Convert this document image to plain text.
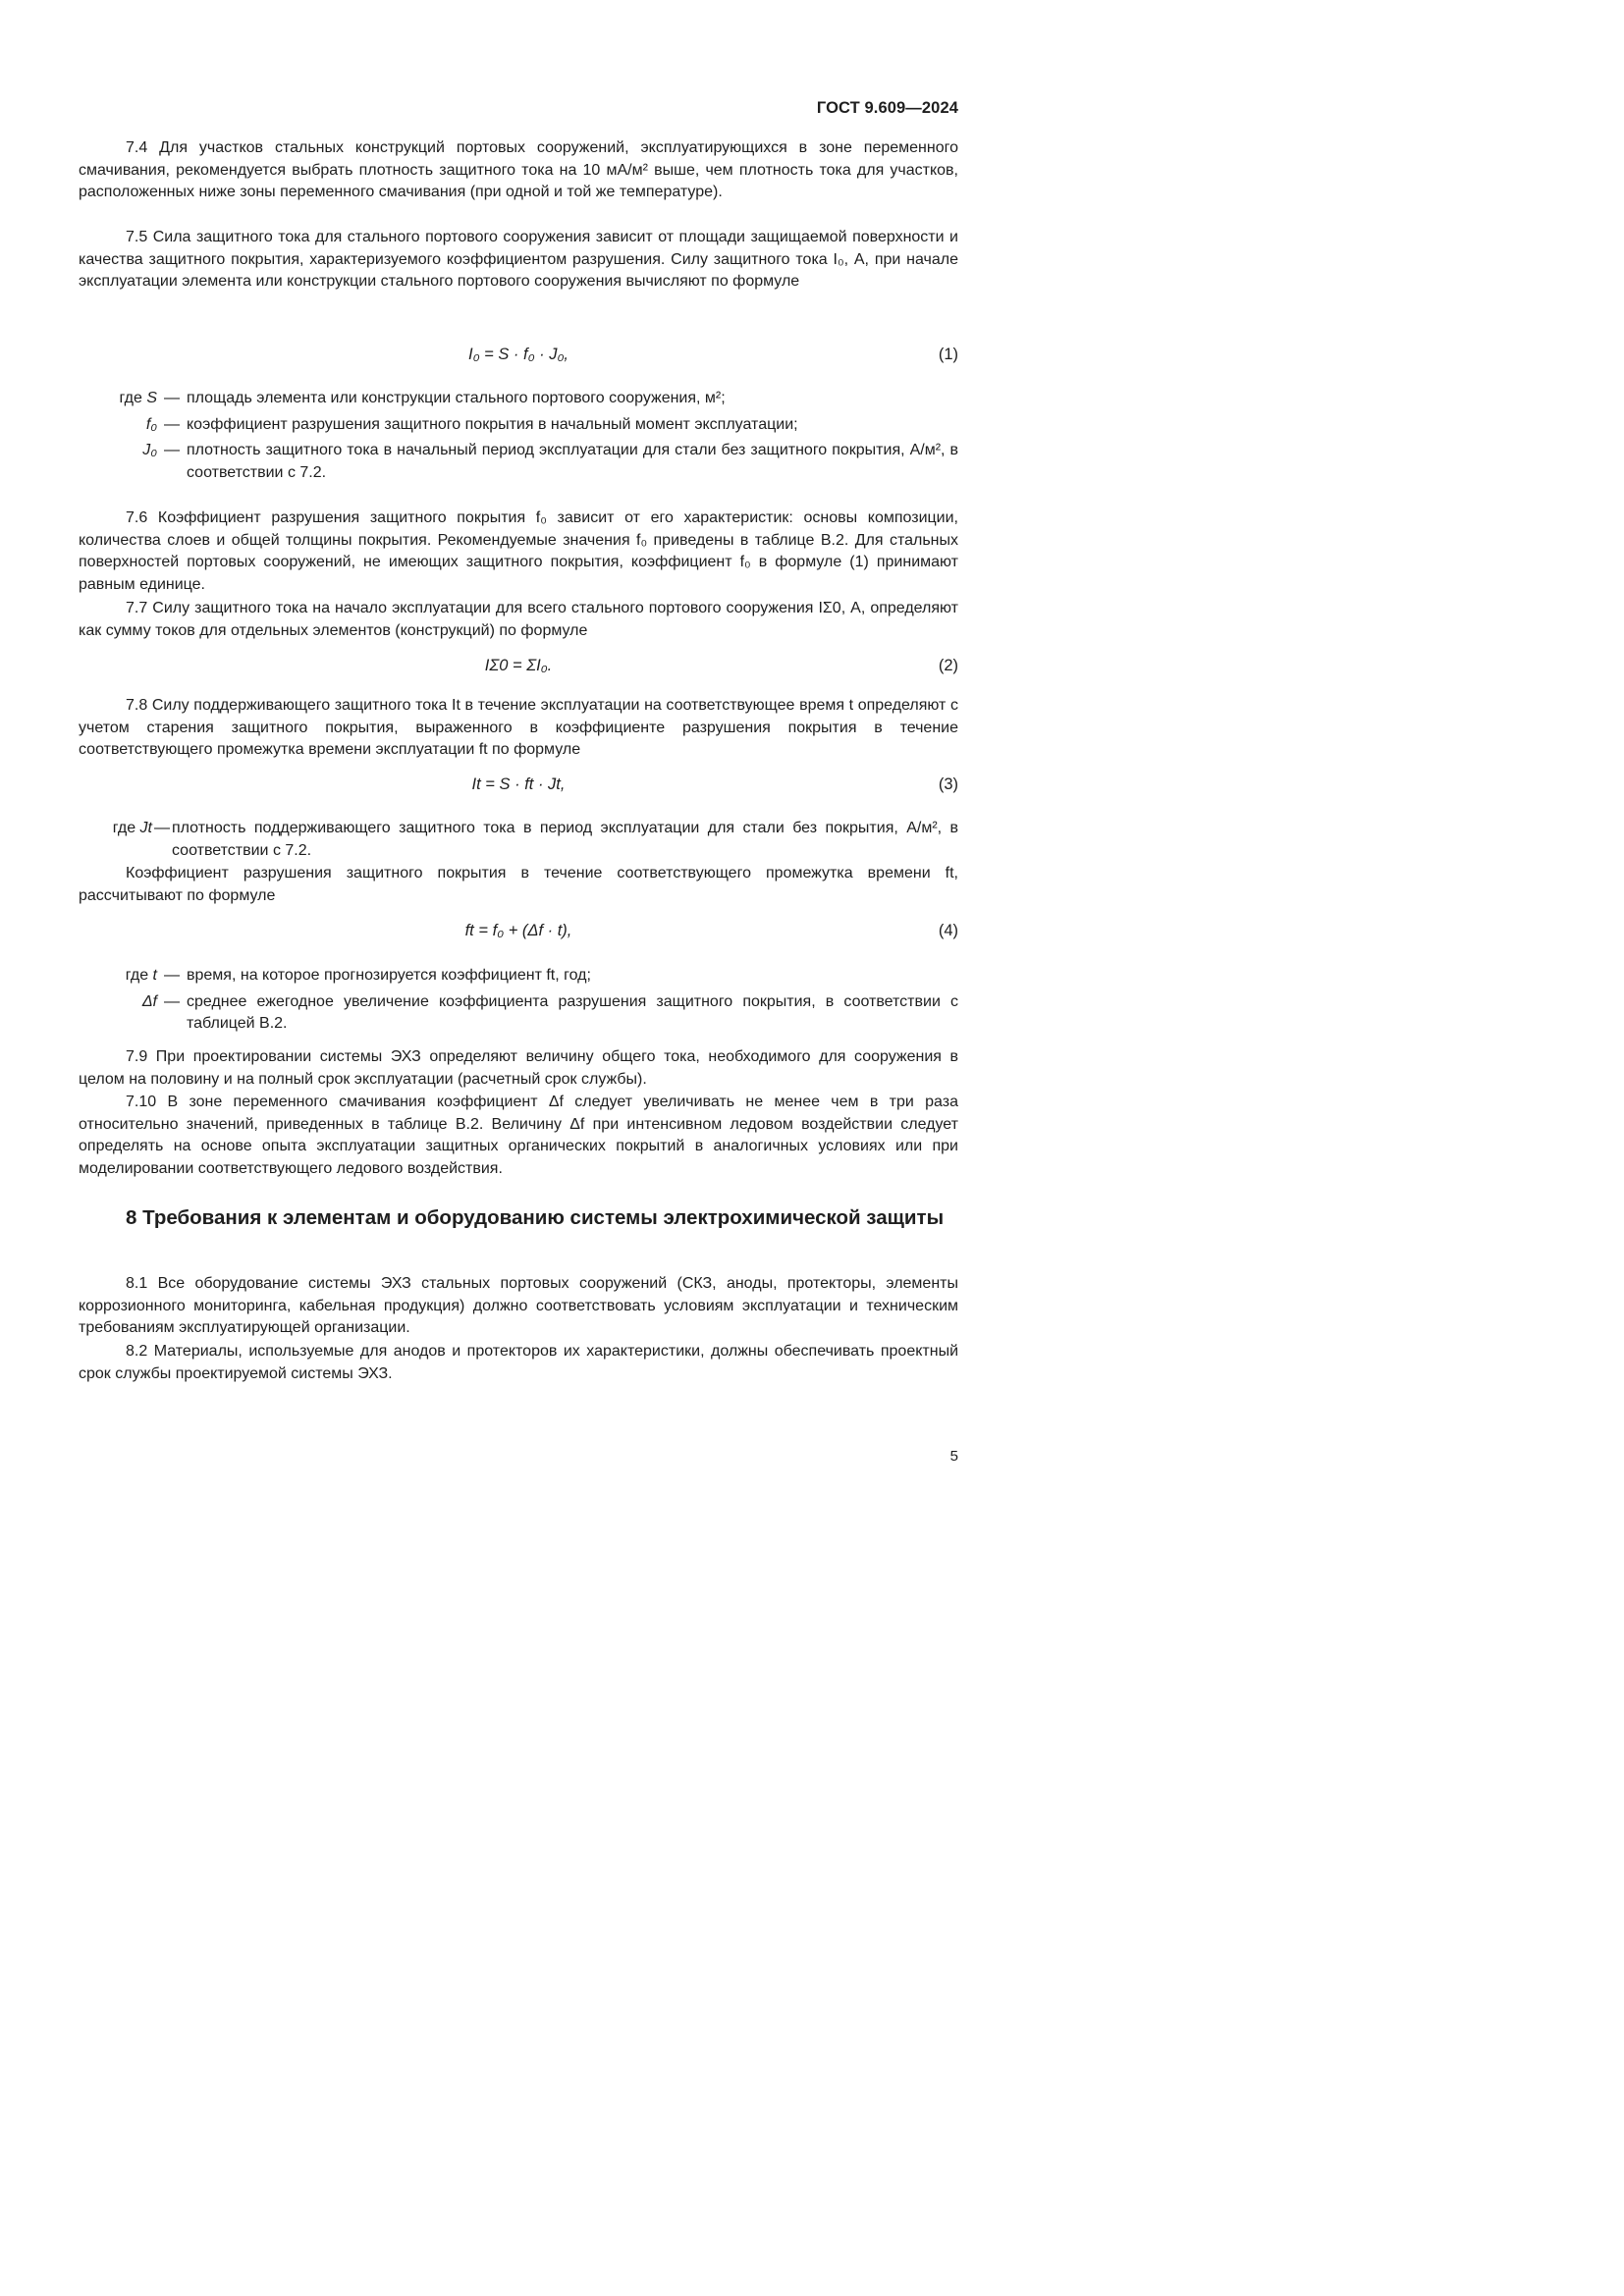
ГОСТ 9.609—2024

7.4 Для участков стальных конструкций портовых сооружений, эксплуатирующихся в зоне переменного смачивания, рекомендуется выбрать плотность защитного тока на 10 мА/м² выше, чем плотность тока для участков, расположенных ниже зоны переменного смачивания (при одной и той же температуре).

7.5 Сила защитного тока для стального портового сооружения зависит от площади защищаемой поверхности и качества защитного покрытия, характеризуемого коэффициентом разрушения. Силу защитного тока I₀, А, при начале эксплуатации элемента или конструкции стального портового сооружения вычисляют по формуле

I₀ = S · f₀ · J₀,	(1)
где S — площадь элемента или конструкции стального портового сооружения, м²;
f₀ — коэффициент разрушения защитного покрытия в начальный момент эксплуатации;
J₀ — плотность защитного тока в начальный период эксплуатации для стали без защитного покрытия, А/м², в соответствии с 7.2.

7.6 Коэффициент разрушения защитного покрытия f₀ зависит от его характеристик: основы композиции, количества слоев и общей толщины покрытия. Рекомендуемые значения f₀ приведены в таблице В.2. Для стальных поверхностей портовых сооружений, не имеющих защитного покрытия, коэффициент f₀ в формуле (1) принимают равным единице.

7.7 Силу защитного тока на начало эксплуатации для всего стального портового сооружения IΣ0, А, определяют как сумму токов для отдельных элементов (конструкций) по формуле

IΣ0 = ΣI₀.	(2)

7.8 Силу поддерживающего защитного тока It в течение эксплуатации на соответствующее время t определяют с учетом старения защитного покрытия, выраженного в коэффициенте разрушения покрытия в течение соответствующего промежутка времени эксплуатации ft по формуле

It = S · ft · Jt,	(3)
где Jt — плотность поддерживающего защитного тока в период эксплуатации для стали без покрытия, А/м², в соответствии с 7.2.

Коэффициент разрушения защитного покрытия в течение соответствующего промежутка времени ft, рассчитывают по формуле

ft = f₀ + (Δf · t),	(4)
где t — время, на которое прогнозируется коэффициент ft, год;
Δf — среднее ежегодное увеличение коэффициента разрушения защитного покрытия, в соответствии с таблицей В.2.

7.9 При проектировании системы ЭХЗ определяют величину общего тока, необходимого для сооружения в целом на половину и на полный срок эксплуатации (расчетный срок службы).

7.10 В зоне переменного смачивания коэффициент Δf следует увеличивать не менее чем в три раза относительно значений, приведенных в таблице В.2. Величину Δf при интенсивном ледовом воздействии следует определять на основе опыта эксплуатации защитных органических покрытий в аналогичных условиях или при моделировании соответствующего ледового воздействия.

8 Требования к элементам и оборудованию системы электрохимической защиты

8.1 Все оборудование системы ЭХЗ стальных портовых сооружений (СКЗ, аноды, протекторы, элементы коррозионного мониторинга, кабельная продукция) должно соответствовать условиям эксплуатации и техническим требованиям эксплуатирующей организации.

8.2 Материалы, используемые для анодов и протекторов их характеристики, должны обеспечивать проектный срок службы проектируемой системы ЭХЗ.

5
